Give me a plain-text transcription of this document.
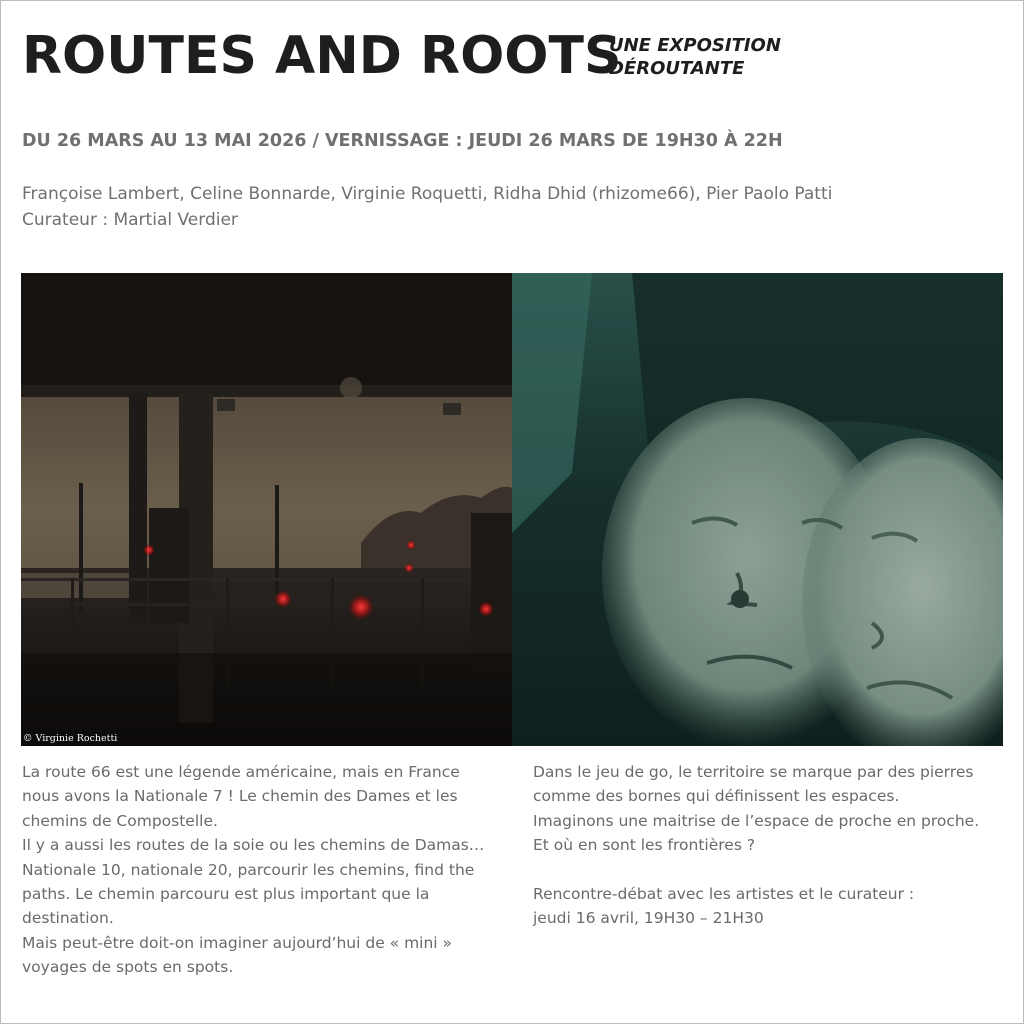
ROUTES AND ROOTS
UNE EXPOSITION
DÉROUTANTE
DU 26 MARS AU 13 MAI 2026 / VERNISSAGE : JEUDI 26 MARS DE 19H30 À 22H
Françoise Lambert, Celine Bonnarde, Virginie Roquetti, Ridha Dhid (rhizome66), Pier Paolo Patti
Curateur : Martial Verdier
© Virginie Rochetti

La route 66 est une légende américaine, mais en France nous avons la Nationale 7 ! Le chemin des Dames et les chemins de Compostelle.

Il y a aussi les routes de la soie ou les chemins de Damas…

Nationale 10, nationale 20, parcourir les chemins, find the paths. Le chemin parcouru est plus important que la destination.

Mais peut-être doit-on imaginer aujourd’hui de « mini » voyages de spots en spots.

Dans le jeu de go, le territoire se marque par des pierres comme des bornes qui définissent les espaces.

Imaginons une maitrise de l’espace de proche en proche.

Et où en sont les frontières ?

Rencontre-débat avec les artistes et le curateur :

jeudi 16 avril, 19H30 – 21H30
